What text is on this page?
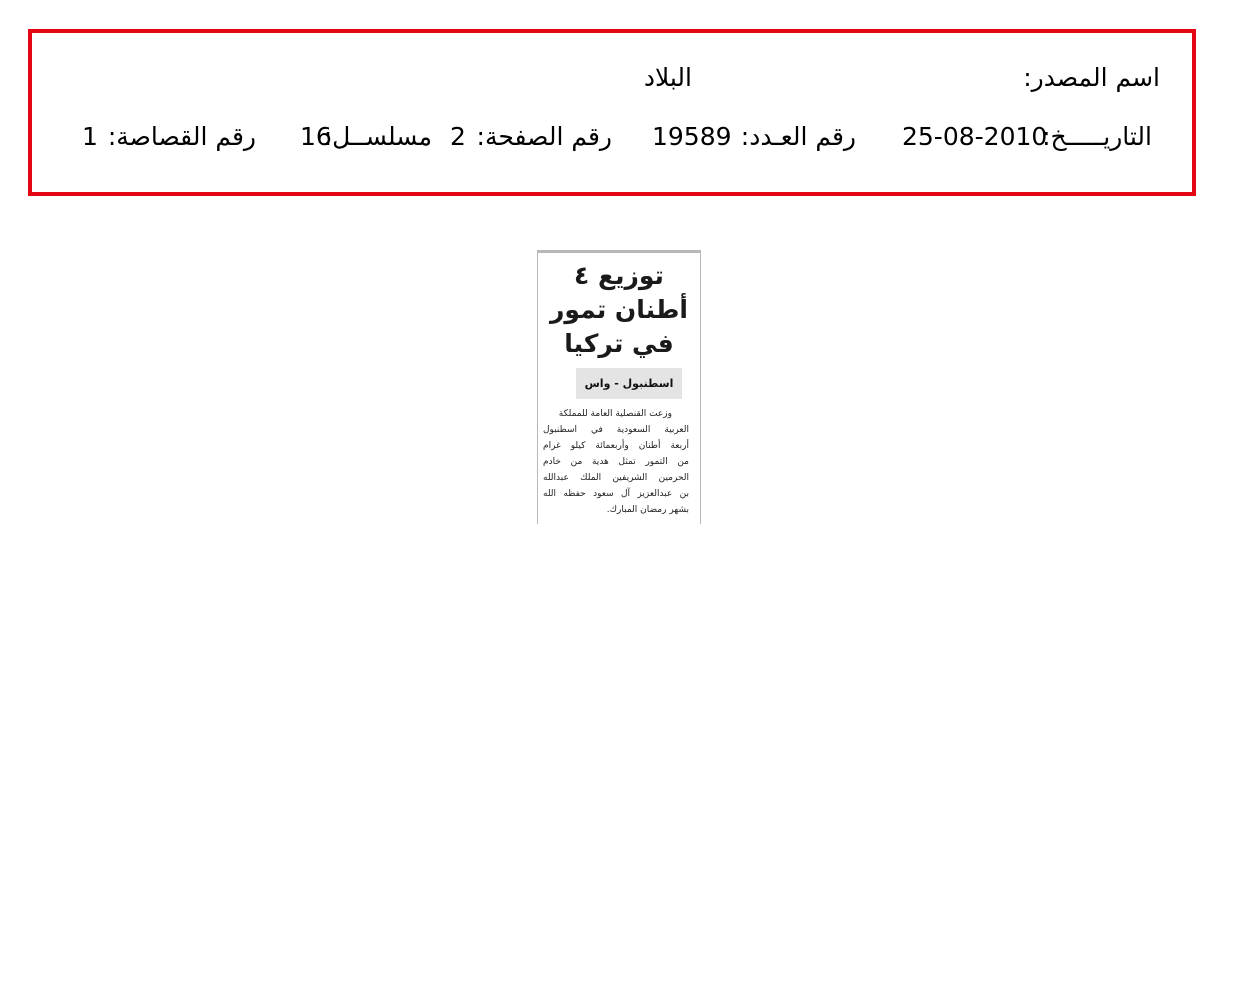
اسم المصدر:
البلاد
التاريـــــخ:
25-08-2010
رقم العـدد:
19589
رقم الصفحة:
2
مسلســل:
16
رقم القصاصة:
1
توزيع ٤
أطنان تمور
في تركيا
اسطنبول - واس
وزعت القنصلية العامة للمملكة
العربية السعودية في اسطنبول
أربعة أطنان وأربعمائة كيلو غرام
من التمور تمثل هدية من خادم
الحرمين الشريفين الملك عبدالله
بن عبدالعزيز آل سعود حفظه الله
بشهر رمضان المبارك.
